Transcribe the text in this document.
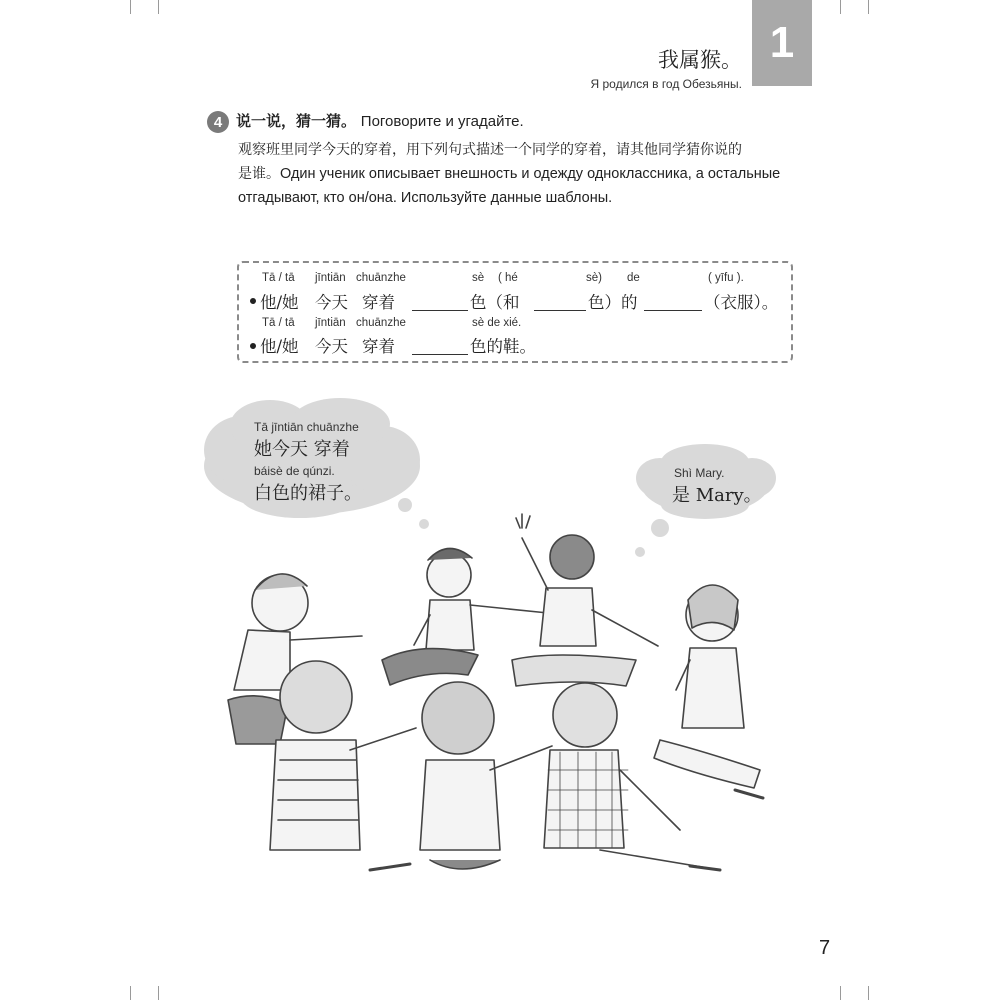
1
我属猴。
Я родился в год Обезьяны.
4 说一说，猜一猜。 Поговорите и угадайте.
观察班里同学今天的穿着，用下列句式描述一个同学的穿着，请其他同学猜你说的
是谁。Один ученик описывает внешность и одежду одноклассника, а остальные
отгадывают, кто он/она. Используйте данные шаблоны.
Tā / tā jīntiān chuānzhe	sè ( hé	sè) de	( yīfu ).
他/她 今天 穿着	色（和	色）的	（衣服）。
Tā / tā jīntiān chuānzhe	sè de xié.
他/她 今天 穿着	色的鞋。
Tā jīntiān chuānzhe
她今天 穿着
báisè de qúnzi.
白色的裙子。
Shì Mary.
是 Mary。
7
